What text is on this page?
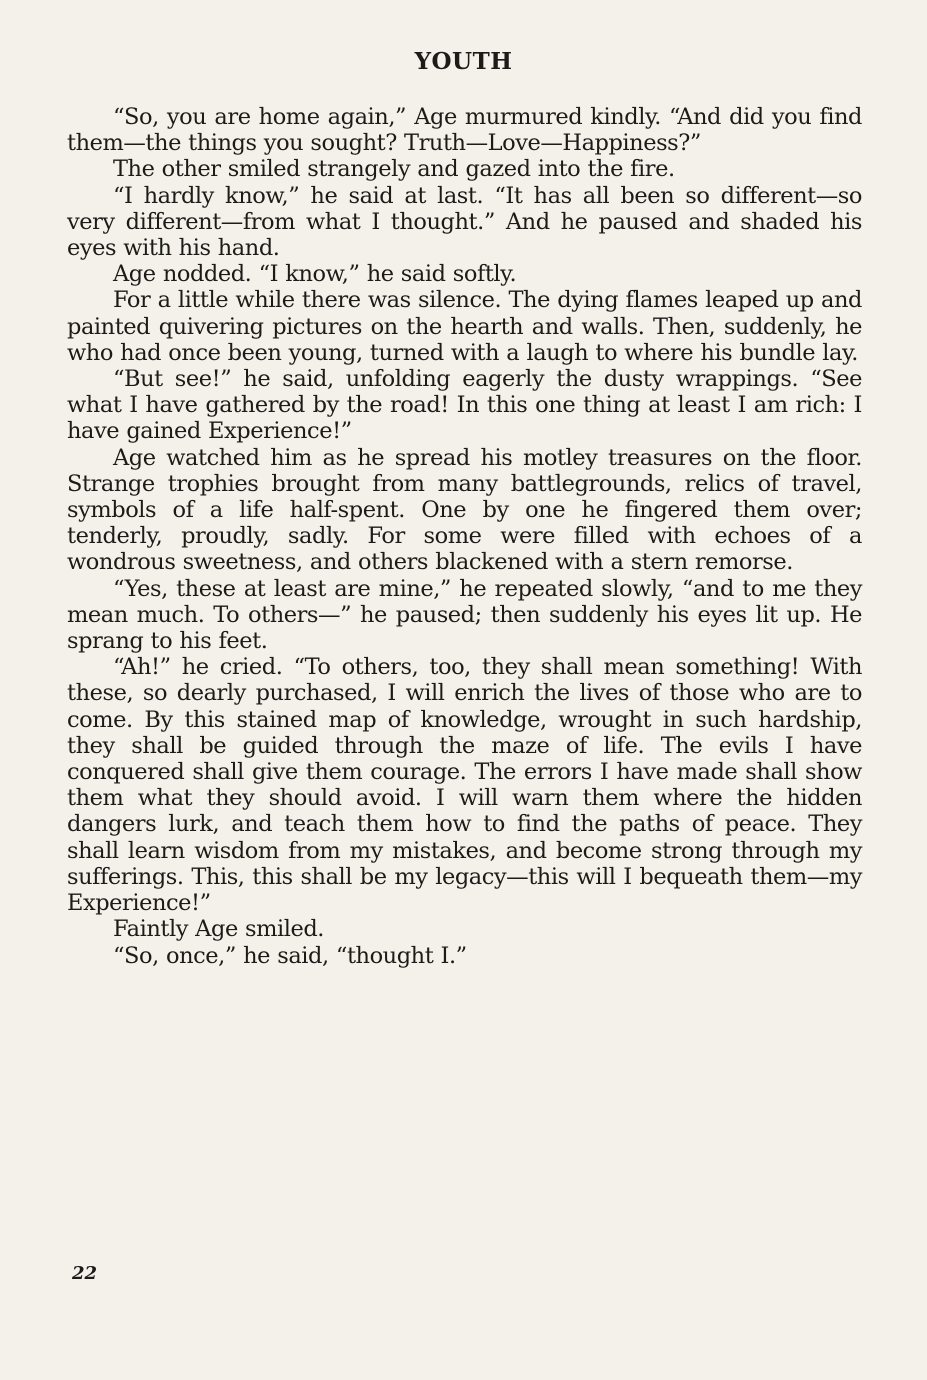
YOUTH

“So, you are home again,” Age murmured kindly. “And did you find them—the things you sought? Truth—Love—Happiness?”

The other smiled strangely and gazed into the fire.

“I hardly know,” he said at last. “It has all been so different—so very different—from what I thought.” And he paused and shaded his eyes with his hand.

Age nodded. “I know,” he said softly.

For a little while there was silence. The dying flames leaped up and painted quivering pictures on the hearth and walls. Then, suddenly, he who had once been young, turned with a laugh to where his bundle lay.

“But see!” he said, unfolding eagerly the dusty wrappings. “See what I have gathered by the road! In this one thing at least I am rich: I have gained Experience!”

Age watched him as he spread his motley treasures on the floor. Strange trophies brought from many battlegrounds, relics of travel, symbols of a life half-spent. One by one he fingered them over; tenderly, proudly, sadly. For some were filled with echoes of a wondrous sweetness, and others blackened with a stern remorse.

“Yes, these at least are mine,” he repeated slowly, “and to me they mean much. To others—” he paused; then suddenly his eyes lit up. He sprang to his feet.

“Ah!” he cried. “To others, too, they shall mean something! With these, so dearly purchased, I will enrich the lives of those who are to come. By this stained map of knowledge, wrought in such hardship, they shall be guided through the maze of life. The evils I have conquered shall give them courage. The errors I have made shall show them what they should avoid. I will warn them where the hidden dangers lurk, and teach them how to find the paths of peace. They shall learn wisdom from my mistakes, and become strong through my sufferings. This, this shall be my legacy—this will I bequeath them—my Experience!”

Faintly Age smiled.

“So, once,” he said, “thought I.”

22
